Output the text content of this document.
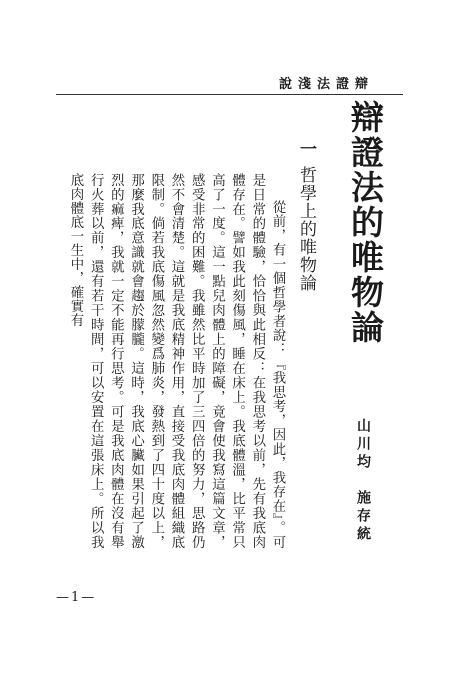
說淺法證辯
辯證法的唯物論
山川均　施存統
一哲學上的唯物論

從前，有一個哲學者說：『我思考，因此，我存在』。可是日常的體驗，恰恰與此相反：在我思考以前，先有我底肉體存在。譬如我此刻傷風，睡在床上。我底體溫，比平常只高了一度。這一點兒肉體上的障礙，竟會使我寫這篇文章，感受非常的困難。我雖然比平時加了三四倍的努力，思路仍然不會清楚。這就是我底精神作用，直接受我底肉體組織底限制。倘若我底傷風忽然變爲肺炎，發熱到了四十度以上，那麼我底意識就會趨於朦朧。這時，我底心臟如果引起了激烈的痲痺，我就一定不能再行思考。可是我底肉體在沒有舉行火葬以前，還有若干時間，可以安置在這張床上。所以我底肉體底一生中，確實有

—1—
